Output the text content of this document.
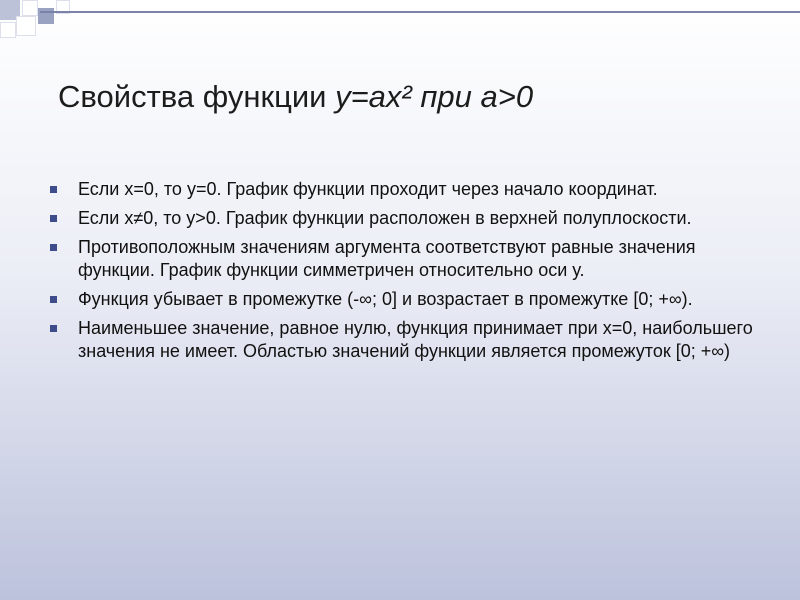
Свойства функции у=ах² при а>0
Если х=0, то у=0. График функции проходит через начало координат.
Если х≠0, то у>0. График функции расположен в верхней полуплоскости.
Противоположным значениям аргумента соответствуют равные значения функции. График функции симметричен относительно оси у.
Функция убывает в промежутке (-∞; 0] и возрастает в промежутке [0; +∞).
Наименьшее значение, равное нулю, функция принимает при х=0, наибольшего значения не имеет. Областью значений функции является промежуток [0; +∞)
